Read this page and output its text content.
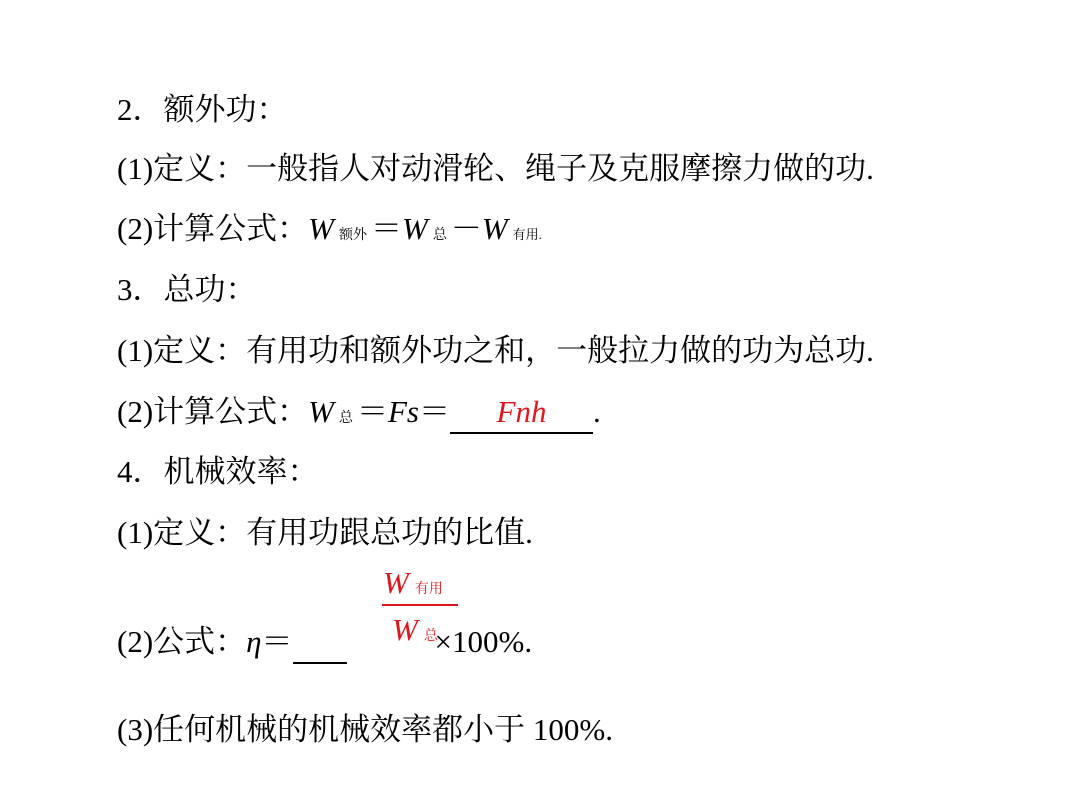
2．额外功：
(1)定义：一般指人对动滑轮、绳子及克服摩擦力做的功.
(2)计算公式：W 额外 ＝W 总 －W 有用.
3．总功：
(1)定义：有用功和额外功之和，一般拉力做的功为总功.
(2)计算公式：W 总 ＝Fs＝ Fnh .
4．机械效率：
(1)定义：有用功跟总功的比值.
(2)公式：η＝	×100%.
W有用
W总
(3)任何机械的机械效率都小于 100%.
